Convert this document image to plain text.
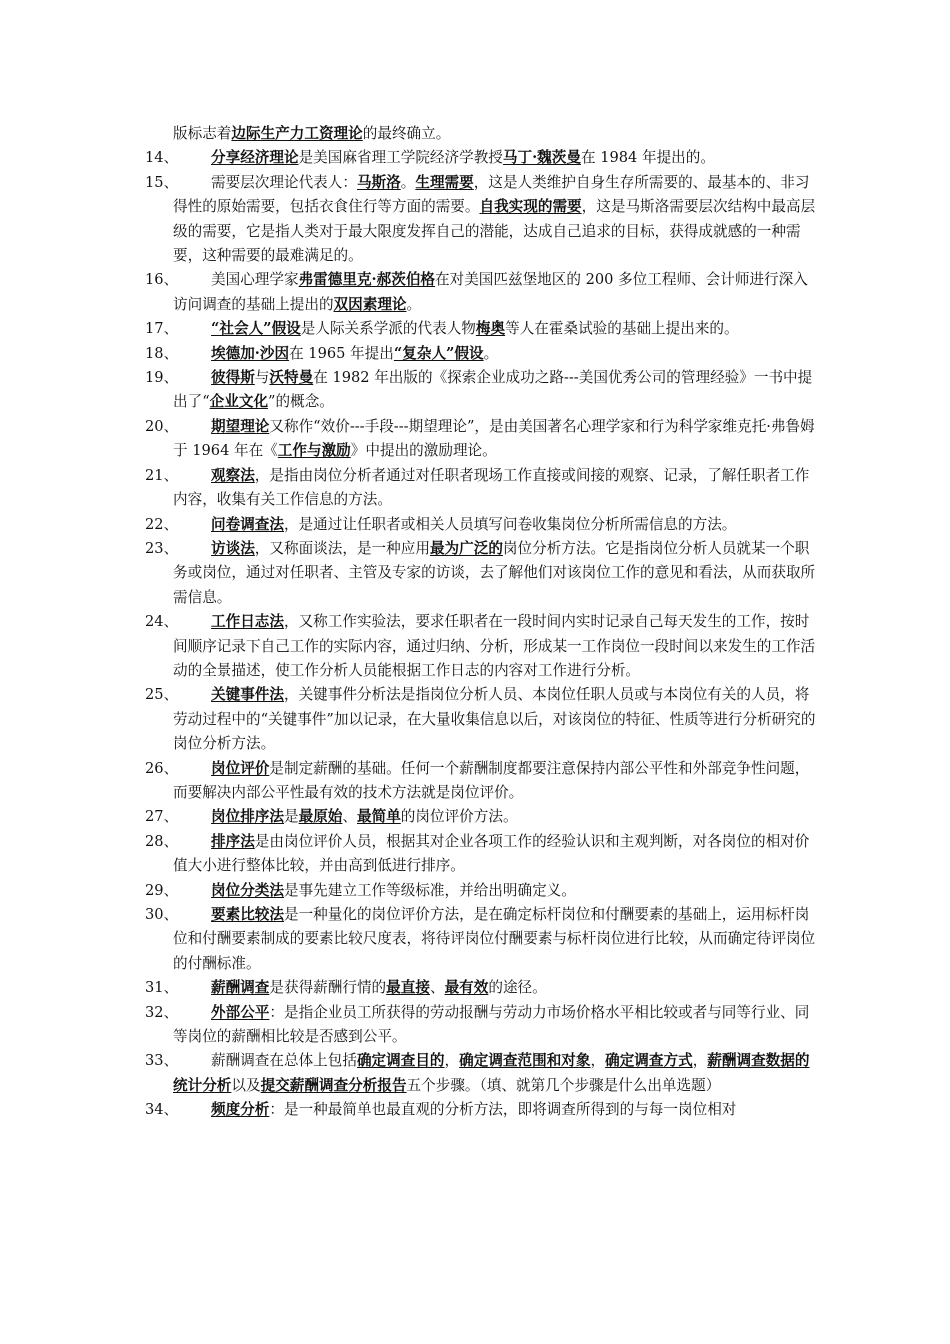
版标志着边际生产力工资理论的最终确立。

14、	分享经济理论是美国麻省理工学院经济学教授马丁·魏茨曼在 1984 年提出的。

15、	需要层次理论代表人：马斯洛。生理需要，这是人类维护自身生存所需要的、最基本的、非习得性的原始需要，包括衣食住行等方面的需要。自我实现的需要，这是马斯洛需要层次结构中最高层级的需要，它是指人类对于最大限度发挥自己的潜能，达成自己追求的目标，获得成就感的一种需要，这种需要的最难满足的。

16、	美国心理学家弗雷德里克·郝茨伯格在对美国匹兹堡地区的 200 多位工程师、会计师进行深入访问调查的基础上提出的双因素理论。

17、	“社会人”假设是人际关系学派的代表人物梅奥等人在霍桑试验的基础上提出来的。

18、	埃德加·沙因在 1965 年提出“复杂人”假设。

19、	彼得斯与沃特曼在 1982 年出版的《探索企业成功之路---美国优秀公司的管理经验》一书中提出了“企业文化”的概念。

20、	期望理论又称作“效价---手段---期望理论”，是由美国著名心理学家和行为科学家维克托·弗鲁姆于 1964 年在《工作与激励》中提出的激励理论。

21、	观察法，是指由岗位分析者通过对任职者现场工作直接或间接的观察、记录，了解任职者工作内容，收集有关工作信息的方法。

22、	问卷调查法，是通过让任职者或相关人员填写问卷收集岗位分析所需信息的方法。

23、	访谈法，又称面谈法，是一种应用最为广泛的岗位分析方法。它是指岗位分析人员就某一个职务或岗位，通过对任职者、主管及专家的访谈，去了解他们对该岗位工作的意见和看法，从而获取所需信息。

24、	工作日志法，又称工作实验法，要求任职者在一段时间内实时记录自己每天发生的工作，按时间顺序记录下自己工作的实际内容，通过归纳、分析，形成某一工作岗位一段时间以来发生的工作活动的全景描述，使工作分析人员能根据工作日志的内容对工作进行分析。

25、	关键事件法，关键事件分析法是指岗位分析人员、本岗位任职人员或与本岗位有关的人员，将劳动过程中的“关键事件”加以记录，在大量收集信息以后，对该岗位的特征、性质等进行分析研究的岗位分析方法。

26、	岗位评价是制定薪酬的基础。任何一个薪酬制度都要注意保持内部公平性和外部竞争性问题，而要解决内部公平性最有效的技术方法就是岗位评价。

27、	岗位排序法是最原始、最简单的岗位评价方法。

28、	排序法是由岗位评价人员，根据其对企业各项工作的经验认识和主观判断，对各岗位的相对价值大小进行整体比较，并由高到低进行排序。

29、	岗位分类法是事先建立工作等级标准，并给出明确定义。

30、	要素比较法是一种量化的岗位评价方法，是在确定标杆岗位和付酬要素的基础上，运用标杆岗位和付酬要素制成的要素比较尺度表，将待评岗位付酬要素与标杆岗位进行比较，从而确定待评岗位的付酬标准。

31、	薪酬调查是获得薪酬行情的最直接、最有效的途径。

32、	外部公平：是指企业员工所获得的劳动报酬与劳动力市场价格水平相比较或者与同等行业、同等岗位的薪酬相比较是否感到公平。

33、	薪酬调查在总体上包括确定调查目的，确定调查范围和对象，确定调查方式，薪酬调查数据的统计分析以及提交薪酬调查分析报告五个步骤。（填、就第几个步骤是什么出单选题）

34、	频度分析：是一种最简单也最直观的分析方法，即将调查所得到的与每一岗位相对
